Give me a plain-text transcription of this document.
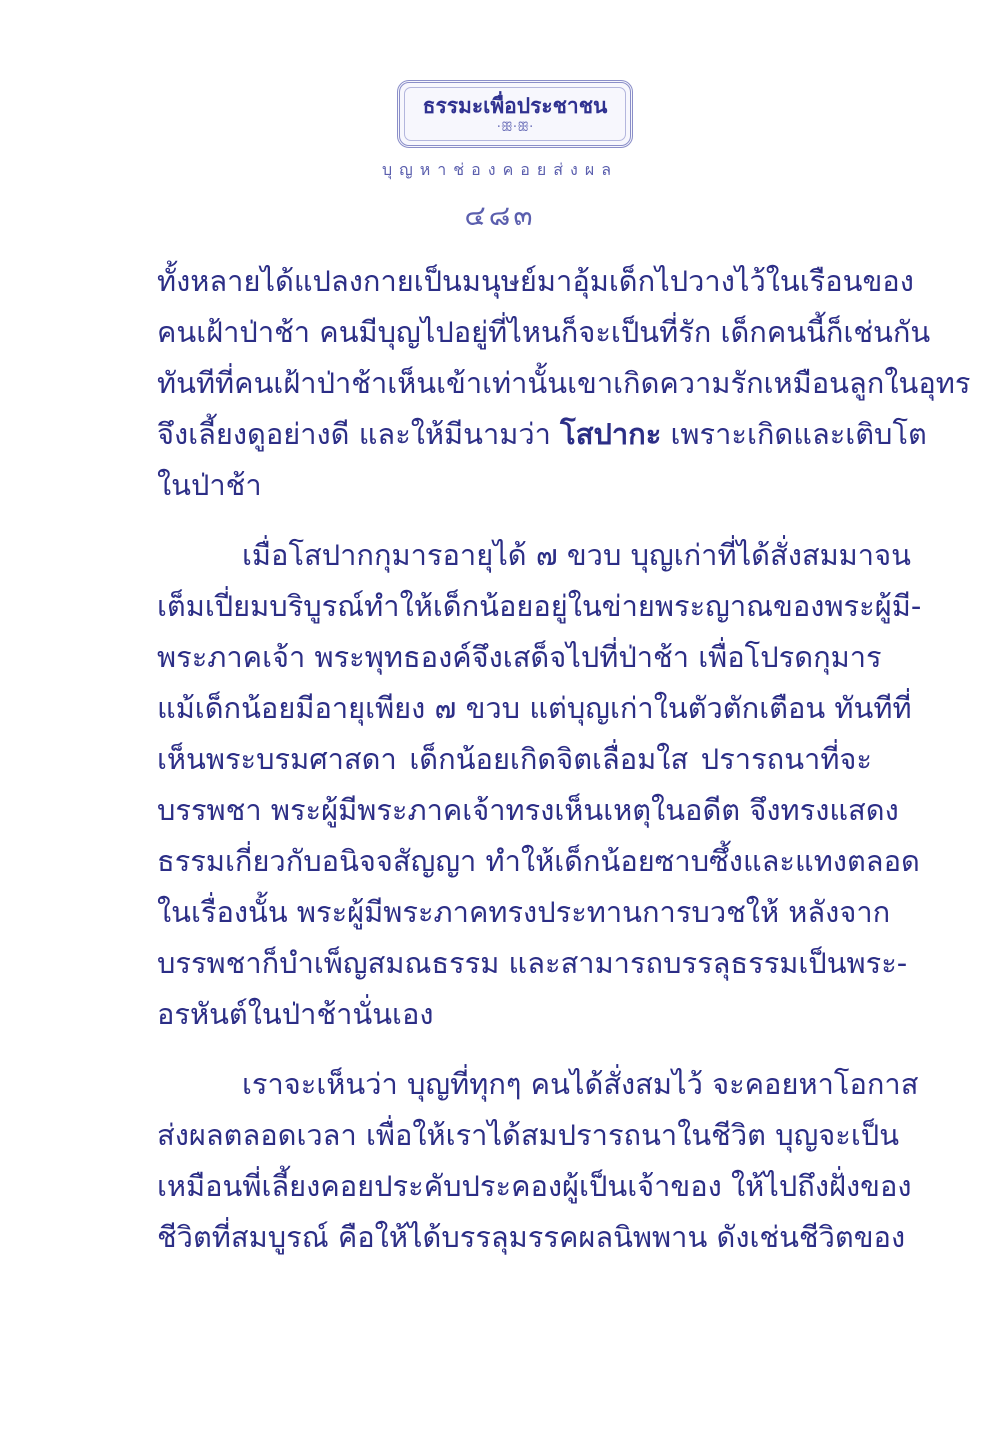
ธรรมะเพื่อประชาชน
·ꕥ·ꕥ·
บุญหาช่องคอยส่งผล
๔๘๓
ทั้งหลายได้แปลงกายเป็นมนุษย์มาอุ้มเด็กไปวางไว้ในเรือนของ
คนเฝ้าป่าช้า คนมีบุญไปอยู่ที่ไหนก็จะเป็นที่รัก เด็กคนนี้ก็เช่นกัน
ทันทีที่คนเฝ้าป่าช้าเห็นเข้าเท่านั้นเขาเกิดความรักเหมือนลูกในอุทร
จึงเลี้ยงดูอย่างดี และให้มีนามว่า โสปากะ เพราะเกิดและเติบโต
ในป่าช้า
เมื่อโสปากกุมารอายุได้ ๗ ขวบ บุญเก่าที่ได้สั่งสมมาจน
เต็มเปี่ยมบริบูรณ์ทำให้เด็กน้อยอยู่ในข่ายพระญาณของพระผู้มี-
พระภาคเจ้า พระพุทธองค์จึงเสด็จไปที่ป่าช้า เพื่อโปรดกุมาร
แม้เด็กน้อยมีอายุเพียง ๗ ขวบ แต่บุญเก่าในตัวตักเตือน ทันทีที่
เห็นพระบรมศาสดา เด็กน้อยเกิดจิตเลื่อมใส ปรารถนาที่จะ
บรรพชา พระผู้มีพระภาคเจ้าทรงเห็นเหตุในอดีต จึงทรงแสดง
ธรรมเกี่ยวกับอนิจจสัญญา ทำให้เด็กน้อยซาบซึ้งและแทงตลอด
ในเรื่องนั้น พระผู้มีพระภาคทรงประทานการบวชให้ หลังจาก
บรรพชาก็บำเพ็ญสมณธรรม และสามารถบรรลุธรรมเป็นพระ-
อรหันต์ในป่าช้านั่นเอง
เราจะเห็นว่า บุญที่ทุกๆ คนได้สั่งสมไว้ จะคอยหาโอกาส
ส่งผลตลอดเวลา เพื่อให้เราได้สมปรารถนาในชีวิต บุญจะเป็น
เหมือนพี่เลี้ยงคอยประคับประคองผู้เป็นเจ้าของ ให้ไปถึงฝั่งของ
ชีวิตที่สมบูรณ์ คือให้ได้บรรลุมรรคผลนิพพาน ดังเช่นชีวิตของ
